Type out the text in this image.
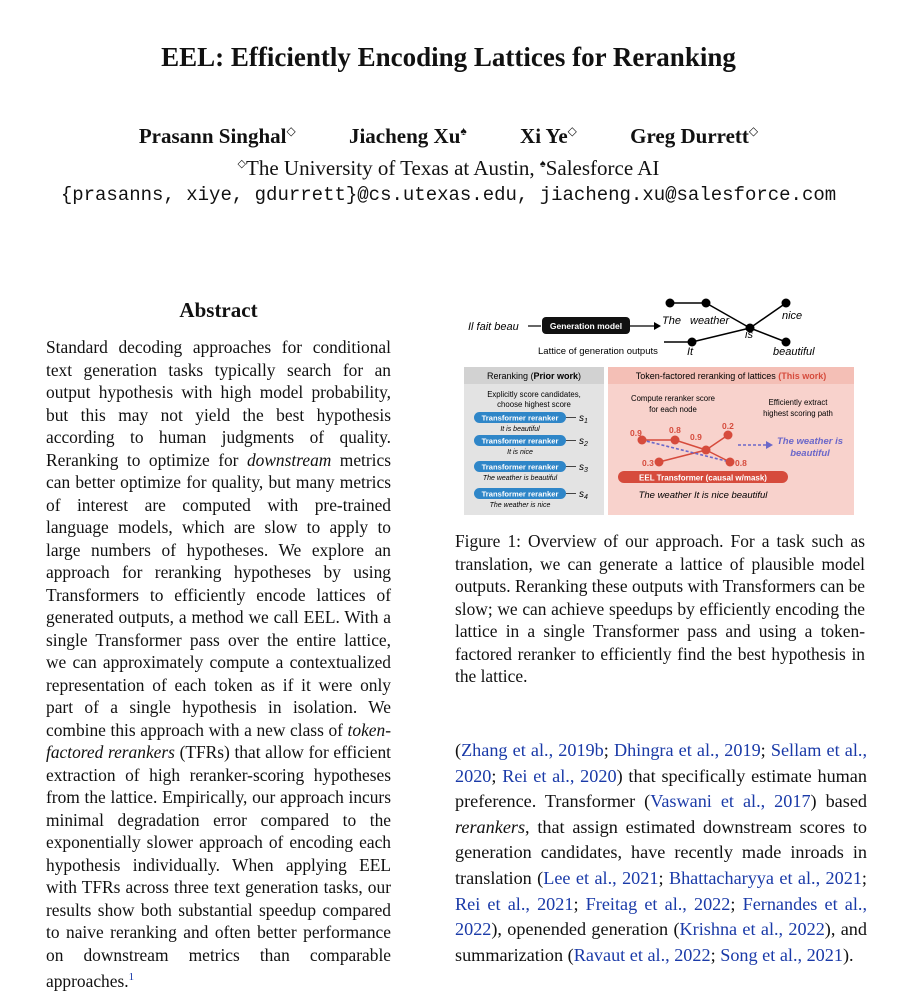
EEL: Efficiently Encoding Lattices for Reranking
Prasann Singhal◇	Jiacheng Xu♠	Xi Ye◇	Greg Durrett◇
◇The University of Texas at Austin, ♠Salesforce AI
{prasanns, xiye, gdurrett}@cs.utexas.edu, jiacheng.xu@salesforce.com
Abstract
Standard decoding approaches for conditional text generation tasks typically search for an output hypothesis with high model probability, but this may not yield the best hypothesis according to human judgments of quality. Reranking to optimize for downstream metrics can better optimize for quality, but many metrics of interest are computed with pre-trained language models, which are slow to apply to large numbers of hypotheses. We explore an approach for reranking hypotheses by using Transformers to efficiently encode lattices of generated outputs, a method we call EEL. With a single Transformer pass over the entire lattice, we can approximately compute a contextualized representation of each token as if it were only part of a single hypothesis in isolation. We combine this approach with a new class of token-factored rerankers (TFRs) that allow for efficient extraction of high reranker-scoring hypotheses from the lattice. Empirically, our approach incurs minimal degradation error compared to the exponentially slower approach of encoding each hypothesis individually. When applying EEL with TFRs across three text generation tasks, our results show both substantial speedup compared to naive reranking and often better performance on downstream metrics than comparable approaches.$^1$
Il fait beau	Generation model
Lattice of generation outputs
The weather
is
nice
It	beautiful
Reranking (Prior work)
Explicitly score candidates,
choose highest score
Transformer reranker $s_1$
It is beautiful
Transformer reranker $s_2$
It is nice
Transformer reranker $s_3$
The weather is beautiful
Transformer reranker $s_4$
The weather is nice
Token-factored reranking of lattices (This work)
Compute reranker score
for each node
Efficiently extract
highest scoring path
0.9	0.8
0.9
0.2
0.3	0.8
The weather is
beautiful
EEL Transformer (causal w/mask)
The weather It is nice beautiful
Figure 1: Overview of our approach. For a task such as translation, we can generate a lattice of plausible model outputs. Reranking these outputs with Transformers can be slow; we can achieve speedups by efficiently encoding the lattice in a single Transformer pass and using a token-factored reranker to efficiently find the best hypothesis in the lattice.
(Zhang et al., 2019b; Dhingra et al., 2019; Sellam et al., 2020; Rei et al., 2020) that specifically estimate human preference. Transformer (Vaswani et al., 2017) based rerankers, that assign estimated downstream scores to generation candidates, have recently made inroads in translation (Lee et al., 2021; Bhattacharyya et al., 2021; Rei et al., 2021; Freitag et al., 2022; Fernandes et al., 2022), openended generation (Krishna et al., 2022), and summarization (Ravaut et al., 2022; Song et al., 2021).
